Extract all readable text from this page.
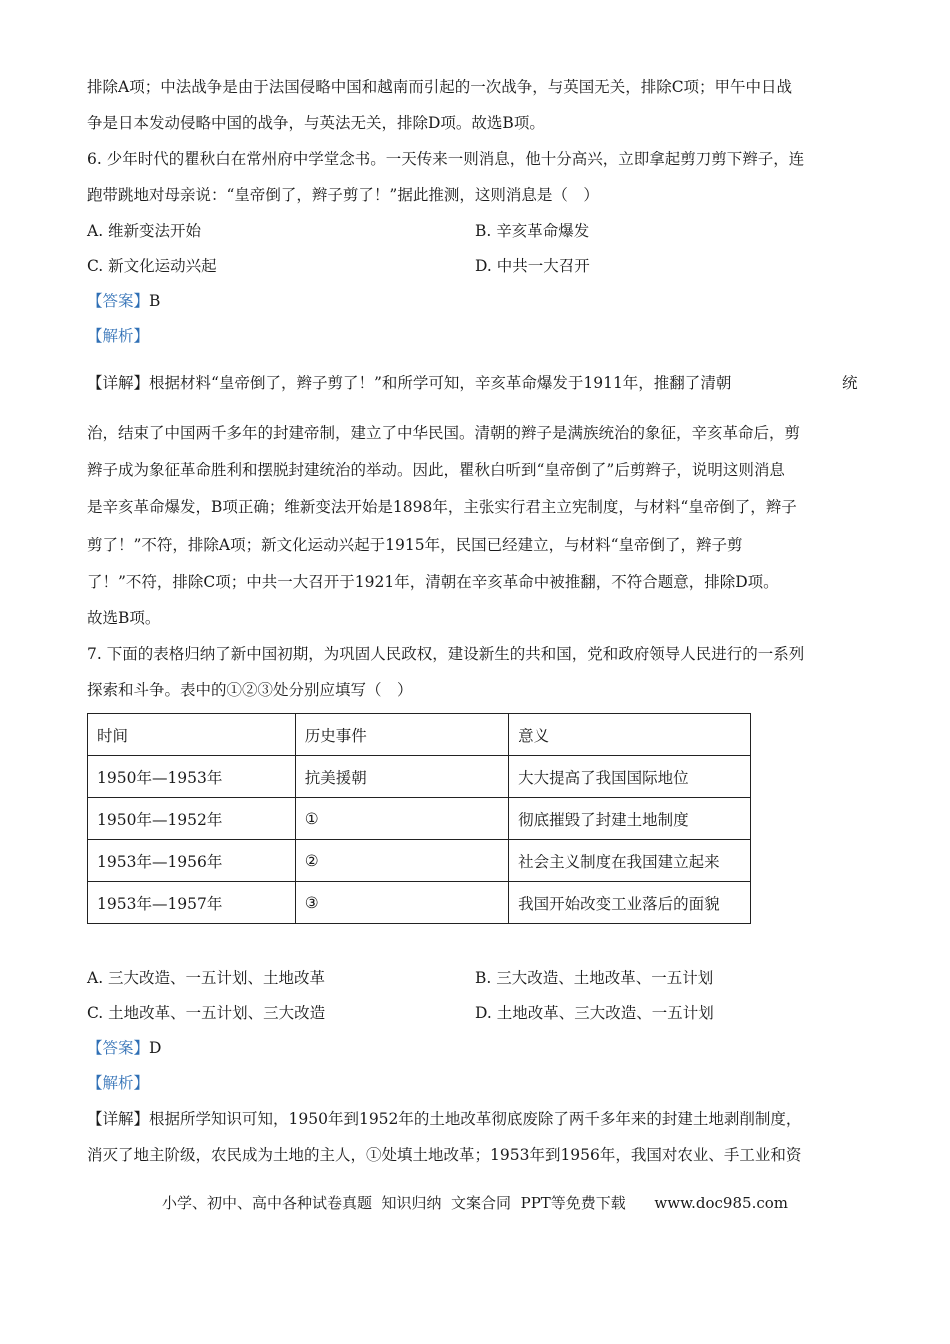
排除A项；中法战争是由于法国侵略中国和越南而引起的一次战争，与英国无关，排除C项；甲午中日战
争是日本发动侵略中国的战争，与英法无关，排除D项。故选B项。
6. 少年时代的瞿秋白在常州府中学堂念书。一天传来一则消息，他十分高兴，立即拿起剪刀剪下辫子，连
跑带跳地对母亲说：“皇帝倒了，辫子剪了！”据此推测，这则消息是（　）
A. 维新变法开始	B. 辛亥革命爆发
C. 新文化运动兴起	D. 中共一大召开
【答案】B
【解析】
【详解】根据材料“皇帝倒了，辫子剪了！”和所学可知，辛亥革命爆发于1911年，推翻了清朝	统
治，结束了中国两千多年的封建帝制，建立了中华民国。清朝的辫子是满族统治的象征，辛亥革命后，剪
辫子成为象征革命胜利和摆脱封建统治的举动。因此，瞿秋白听到“皇帝倒了”后剪辫子，说明这则消息
是辛亥革命爆发，B项正确；维新变法开始是1898年，主张实行君主立宪制度，与材料“皇帝倒了，辫子
剪了！”不符，排除A项；新文化运动兴起于1915年，民国已经建立，与材料“皇帝倒了，辫子剪
了！”不符，排除C项；中共一大召开于1921年，清朝在辛亥革命中被推翻，不符合题意，排除D项。
故选B项。
7. 下面的表格归纳了新中国初期，为巩固人民政权，建设新生的共和国，党和政府领导人民进行的一系列
探索和斗争。表中的①②③处分别应填写（　）
时间	历史事件	意义
1950年—1953年	抗美援朝	大大提高了我国国际地位
1950年—1952年	①	彻底摧毁了封建土地制度
1953年—1956年	②	社会主义制度在我国建立起来
1953年—1957年	③	我国开始改变工业落后的面貌
A. 三大改造、一五计划、土地改革	B. 三大改造、土地改革、一五计划
C. 土地改革、一五计划、三大改造	D. 土地改革、三大改造、一五计划
【答案】D
【解析】
【详解】根据所学知识可知，1950年到1952年的土地改革彻底废除了两千多年来的封建土地剥削制度，
消灭了地主阶级，农民成为土地的主人，①处填土地改革；1953年到1956年，我国对农业、手工业和资
小学、初中、高中各种试卷真题  知识归纳  文案合同  PPT等免费下载      www.doc985.com
